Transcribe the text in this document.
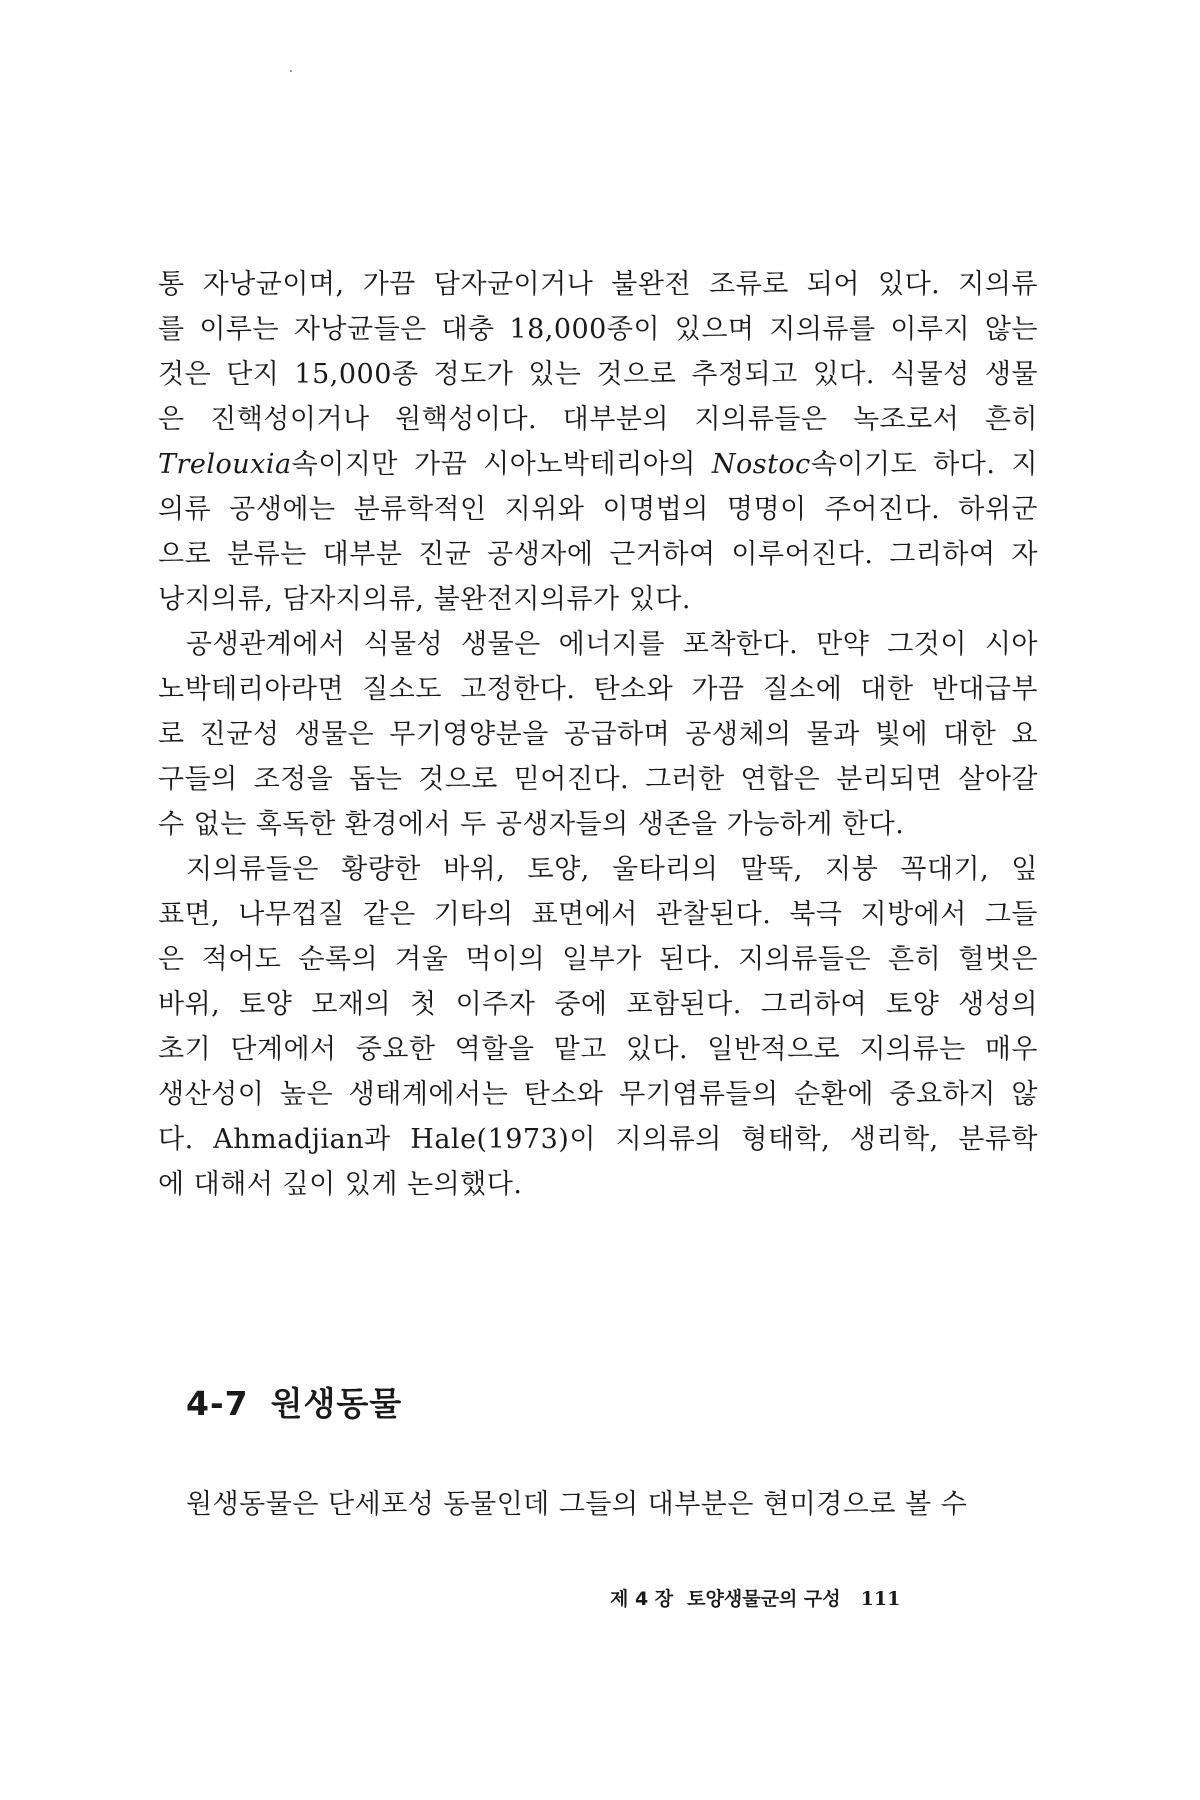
통 자낭균이며, 가끔 담자균이거나 불완전 조류로 되어 있다. 지의류
를 이루는 자낭균들은 대충 18,000종이 있으며 지의류를 이루지 않는
것은 단지 15,000종 정도가 있는 것으로 추정되고 있다. 식물성 생물
은 진핵성이거나 원핵성이다. 대부분의 지의류들은 녹조로서 흔히
Trelouxia속이지만 가끔 시아노박테리아의 Nostoc속이기도 하다. 지
의류 공생에는 분류학적인 지위와 이명법의 명명이 주어진다. 하위군
으로 분류는 대부분 진균 공생자에 근거하여 이루어진다. 그리하여 자
낭지의류, 담자지의류, 불완전지의류가 있다.

공생관계에서 식물성 생물은 에너지를 포착한다. 만약 그것이 시아
노박테리아라면 질소도 고정한다. 탄소와 가끔 질소에 대한 반대급부
로 진균성 생물은 무기영양분을 공급하며 공생체의 물과 빛에 대한 요
구들의 조정을 돕는 것으로 믿어진다. 그러한 연합은 분리되면 살아갈
수 없는 혹독한 환경에서 두 공생자들의 생존을 가능하게 한다.

지의류들은 황량한 바위, 토양, 울타리의 말뚝, 지붕 꼭대기, 잎
표면, 나무껍질 같은 기타의 표면에서 관찰된다. 북극 지방에서 그들
은 적어도 순록의 겨울 먹이의 일부가 된다. 지의류들은 흔히 헐벗은
바위, 토양 모재의 첫 이주자 중에 포함된다. 그리하여 토양 생성의
초기 단계에서 중요한 역할을 맡고 있다. 일반적으로 지의류는 매우
생산성이 높은 생태계에서는 탄소와 무기염류들의 순환에 중요하지 않
다. Ahmadjian과 Hale(1973)이 지의류의 형태학, 생리학, 분류학
에 대해서 깊이 있게 논의했다.

4-7 원생동물

원생동물은 단세포성 동물인데 그들의 대부분은 현미경으로 볼 수

제 4 장 토양생물군의 구성 111
